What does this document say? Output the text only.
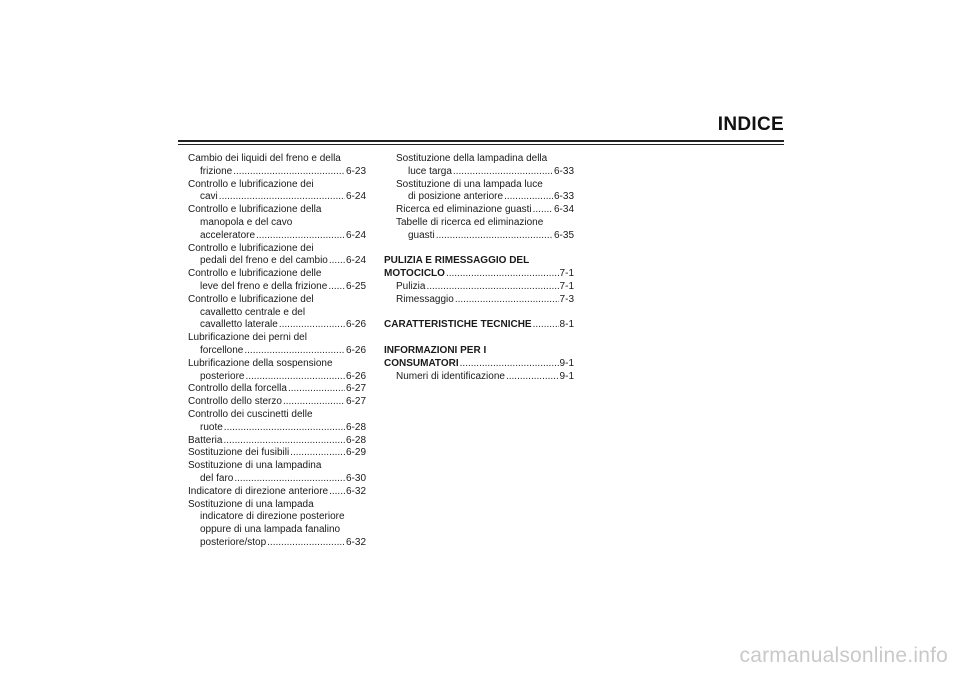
INDICE
Cambio dei liquidi del freno e della
frizione .....	6-23
Controllo e lubrificazione dei
cavi .....	6-24
Controllo e lubrificazione della
manopola e del cavo
acceleratore .....	6-24
Controllo e lubrificazione dei
pedali del freno e del cambio ..... 6-24
Controllo e lubrificazione delle
leve del freno e della frizione ..... 6-25
Controllo e lubrificazione del
cavalletto centrale e del
cavalletto laterale .....	6-26
Lubrificazione dei perni del
forcellone .....	6-26
Lubrificazione della sospensione
posteriore .....	6-26
Controllo della forcella .....	6-27
Controllo dello sterzo .....	6-27
Controllo dei cuscinetti delle
ruote .....	6-28
Batteria .....	6-28
Sostituzione dei fusibili .....	6-29
Sostituzione di una lampadina
del faro .....	6-30
Indicatore di direzione anteriore ..... 6-32
Sostituzione di una lampada
indicatore di direzione posteriore
oppure di una lampada fanalino
posteriore/stop .....	6-32
Sostituzione della lampadina della
luce targa .....	6-33
Sostituzione di una lampada luce
di posizione anteriore .....	6-33
Ricerca ed eliminazione guasti ..... 6-34
Tabelle di ricerca ed eliminazione
guasti .....	6-35
PULIZIA E RIMESSAGGIO DEL
MOTOCICLO .....	7-1
Pulizia .....	7-1
Rimessaggio .....	7-3
CARATTERISTICHE TECNICHE .....	8-1
INFORMAZIONI PER I
CONSUMATORI .....	9-1
Numeri di identificazione .....	9-1
carmanualsonline.info
